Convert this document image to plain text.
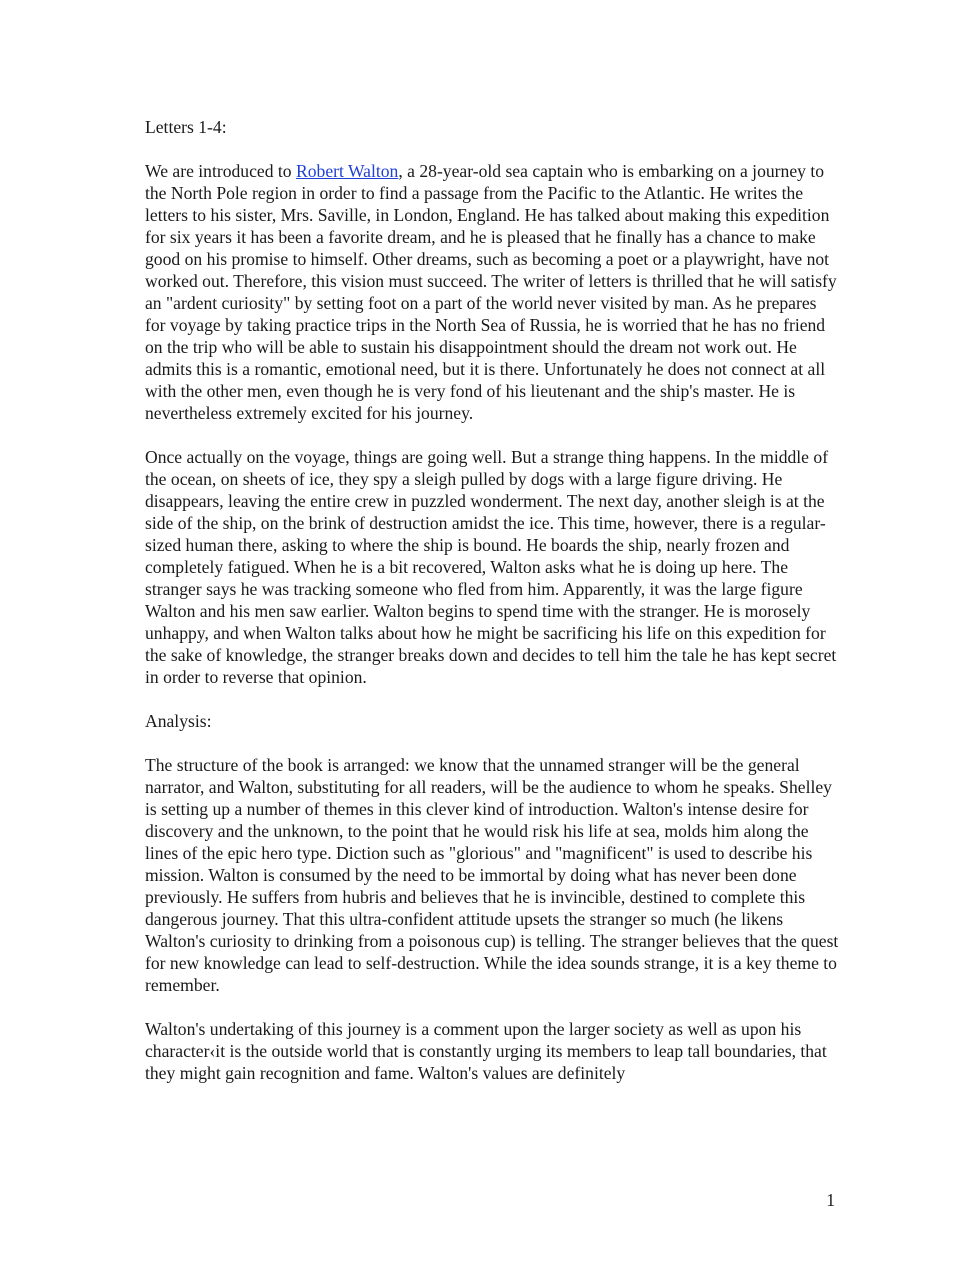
Letters 1-4:

We are introduced to Robert Walton, a 28-year-old sea captain who is embarking on a journey to the North Pole region in order to find a passage from the Pacific to the Atlantic. He writes the letters to his sister, Mrs. Saville, in London, England. He has talked about making this expedition for six years it has been a favorite dream, and he is pleased that he finally has a chance to make good on his promise to himself. Other dreams, such as becoming a poet or a playwright, have not worked out. Therefore, this vision must succeed. The writer of letters is thrilled that he will satisfy an "ardent curiosity" by setting foot on a part of the world never visited by man. As he prepares for voyage by taking practice trips in the North Sea of Russia, he is worried that he has no friend on the trip who will be able to sustain his disappointment should the dream not work out. He admits this is a romantic, emotional need, but it is there. Unfortunately he does not connect at all with the other men, even though he is very fond of his lieutenant and the ship's master. He is nevertheless extremely excited for his journey.

Once actually on the voyage, things are going well. But a strange thing happens. In the middle of the ocean, on sheets of ice, they spy a sleigh pulled by dogs with a large figure driving. He disappears, leaving the entire crew in puzzled wonderment. The next day, another sleigh is at the side of the ship, on the brink of destruction amidst the ice. This time, however, there is a regular-sized human there, asking to where the ship is bound. He boards the ship, nearly frozen and completely fatigued. When he is a bit recovered, Walton asks what he is doing up here. The stranger says he was tracking someone who fled from him. Apparently, it was the large figure Walton and his men saw earlier. Walton begins to spend time with the stranger. He is morosely unhappy, and when Walton talks about how he might be sacrificing his life on this expedition for the sake of knowledge, the stranger breaks down and decides to tell him the tale he has kept secret in order to reverse that opinion.

Analysis:

The structure of the book is arranged: we know that the unnamed stranger will be the general narrator, and Walton, substituting for all readers, will be the audience to whom he speaks. Shelley is setting up a number of themes in this clever kind of introduction. Walton's intense desire for discovery and the unknown, to the point that he would risk his life at sea, molds him along the lines of the epic hero type. Diction such as "glorious" and "magnificent" is used to describe his mission. Walton is consumed by the need to be immortal by doing what has never been done previously. He suffers from hubris and believes that he is invincible, destined to complete this dangerous journey. That this ultra-confident attitude upsets the stranger so much (he likens Walton's curiosity to drinking from a poisonous cup) is telling. The stranger believes that the quest for new knowledge can lead to self-destruction. While the idea sounds strange, it is a key theme to remember.

Walton's undertaking of this journey is a comment upon the larger society as well as upon his character‹it is the outside world that is constantly urging its members to leap tall boundaries, that they might gain recognition and fame. Walton's values are definitely

1
